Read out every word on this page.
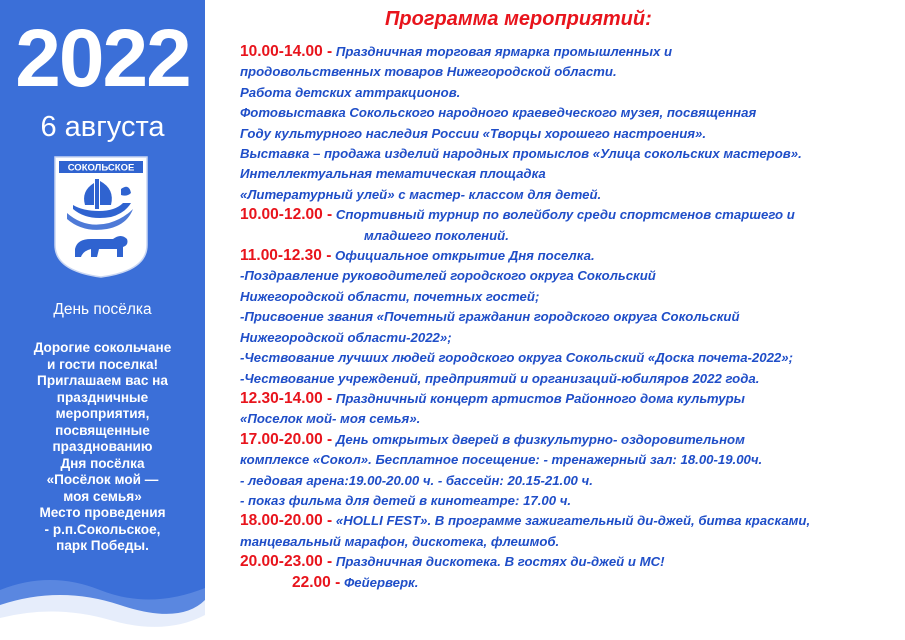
2022
6 августа
СОКОЛЬСКОЕ
День посёлка
Дорогие сокольчане
и гости поселка!
Приглашаем вас на
праздничные
мероприятия,
посвященные
празднованию
Дня посёлка
«Посёлок мой —
моя семья»
Место проведения
- р.п.Сокольское,
парк Победы.
Программа мероприятий:
10.00-14.00 - Праздничная торговая ярмарка промышленных и
продовольственных товаров Нижегородской области.
Работа детских аттракционов.
Фотовыставка Сокольского народного краеведческого музея, посвященная
Году культурного наследия России «Творцы хорошего настроения».
Выставка – продажа изделий народных промыслов «Улица сокольских мастеров».
Интеллектуальная тематическая площадка
«Литературный улей» с мастер- классом для детей.
10.00-12.00 - Спортивный турнир по волейболу среди спортсменов старшего и
младшего поколений.
11.00-12.30 - Официальное открытие Дня поселка.
-Поздравление руководителей городского округа Сокольский
Нижегородской области, почетных гостей;
-Присвоение звания «Почетный гражданин городского округа Сокольский
Нижегородской области-2022»;
-Чествование лучших людей городского округа Сокольский «Доска почета-2022»;
-Чествование учреждений, предприятий и организаций-юбиляров 2022 года.
12.30-14.00 - Праздничный концерт артистов Районного дома культуры
«Поселок мой- моя семья».
17.00-20.00 - День открытых дверей в физкультурно- оздоровительном
комплексе «Сокол». Бесплатное посещение: - тренажерный зал: 18.00-19.00ч.
- ледовая арена:19.00-20.00 ч. - бассейн: 20.15-21.00 ч.
- показ фильма для детей в кинотеатре: 17.00 ч.
18.00-20.00 - «HOLLI FEST». В программе зажигательный ди-джей, битва красками,
танцевальный марафон, дискотека, флешмоб.
20.00-23.00 - Праздничная дискотека. В гостях ди-джей и МС!
22.00 - Фейерверк.
